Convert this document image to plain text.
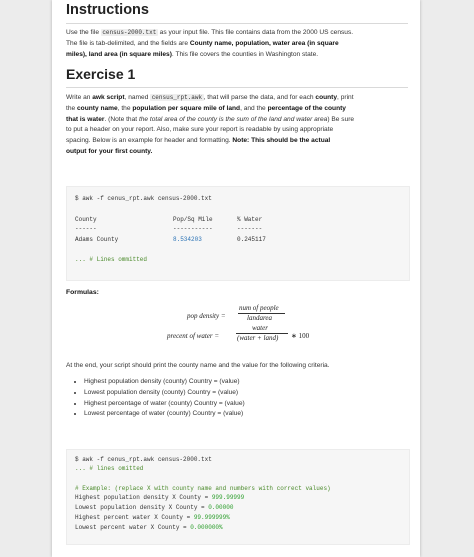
Instructions
Use the file census-2000.txt as your input file. This file contains data from the 2000 US census.
The file is tab-delimited, and the fields are County name, population, water area (in square
miles), land area (in square miles). This file covers the counties in Washington state.
Exercise 1
Write an awk script, named census_rpt.awk , that will parse the data, and for each county, print
the county name, the population per square mile of land, and the percentage of the county
that is water. (Note that the total area of the county is the sum of the land and water area) Be sure
to put a header on your report. Also, make sure your report is readable by using appropriate
spacing. Below is an example for header and formatting. Note: This should be the actual
output for your first county.
$ awk -f cenus_rpt.awk census-2000.txt
County	Pop/Sq Mile	% Water
------	-----------	-------
Adams County	8.534203	0.245117
... # Lines ommitted
Formulas:
pop density =
num of people
landarea
precent of water =
water
(water + land) ∗ 100
At the end, your script should print the county name and the value for the following criteria.
• Highest population density (county) Country = (value)
• Lowest population density (county) Country = (value)
• Highest percentage of water (county) Country = (value)
• Lowest percentage of water (county) Country = (value)
$ awk -f cenus_rpt.awk census-2000.txt
... # lines omitted
# Example: (replace X with county name and numbers with correct values)
Highest population density X County = 999.99999
Lowest population density X County = 0.00000
Highest percent water X County = 99.999999%
Lowest percent water X County = 0.000000%
